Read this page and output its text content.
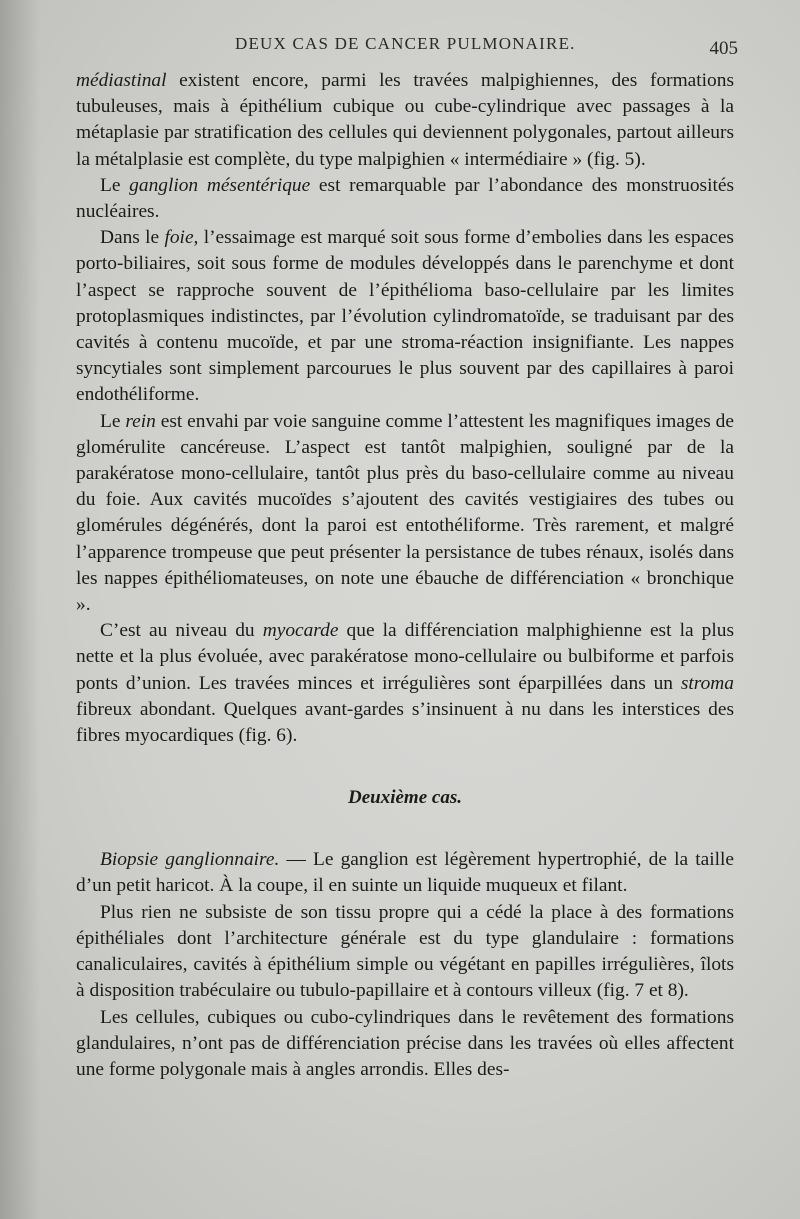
DEUX CAS DE CANCER PULMONAIRE.	405

médiastinal existent encore, parmi les travées malpighiennes, des formations tubuleuses, mais à épithélium cubique ou cube-cylindrique avec passages à la métaplasie par stratification des cellules qui deviennent polygonales, partout ailleurs la métalplasie est complète, du type malpighien « intermédiaire » (fig. 5).

Le ganglion mésentérique est remarquable par l’abondance des monstruosités nucléaires.

Dans le foie, l’essaimage est marqué soit sous forme d’embolies dans les espaces porto-biliaires, soit sous forme de modules développés dans le parenchyme et dont l’aspect se rapproche souvent de l’épithélioma baso-cellulaire par les limites protoplasmiques indistinctes, par l’évolution cylindromatoïde, se traduisant par des cavités à contenu mucoïde, et par une stroma-réaction insignifiante. Les nappes syncytiales sont simplement parcourues le plus souvent par des capillaires à paroi endothéliforme.

Le rein est envahi par voie sanguine comme l’attestent les magnifiques images de glomérulite cancéreuse. L’aspect est tantôt malpighien, souligné par de la parakératose mono-cellulaire, tantôt plus près du baso-cellulaire comme au niveau du foie. Aux cavités mucoïdes s’ajoutent des cavités vestigiaires des tubes ou glomérules dégénérés, dont la paroi est entothéliforme. Très rarement, et malgré l’apparence trompeuse que peut présenter la persistance de tubes rénaux, isolés dans les nappes épithéliomateuses, on note une ébauche de différenciation « bronchique ».

C’est au niveau du myocarde que la différenciation malphighienne est la plus nette et la plus évoluée, avec parakératose mono-cellulaire ou bulbiforme et parfois ponts d’union. Les travées minces et irrégulières sont éparpillées dans un stroma fibreux abondant. Quelques avant-gardes s’insinuent à nu dans les interstices des fibres myocardiques (fig. 6).

Deuxième cas.

Biopsie ganglionnaire. — Le ganglion est légèrement hypertrophié, de la taille d’un petit haricot. À la coupe, il en suinte un liquide muqueux et filant.

Plus rien ne subsiste de son tissu propre qui a cédé la place à des formations épithéliales dont l’architecture générale est du type glandulaire : formations canaliculaires, cavités à épithélium simple ou végétant en papilles irrégulières, îlots à disposition trabéculaire ou tubulo-papillaire et à contours villeux (fig. 7 et 8).

Les cellules, cubiques ou cubo-cylindriques dans le revêtement des formations glandulaires, n’ont pas de différenciation précise dans les travées où elles affectent une forme polygonale mais à angles arrondis. Elles des-
